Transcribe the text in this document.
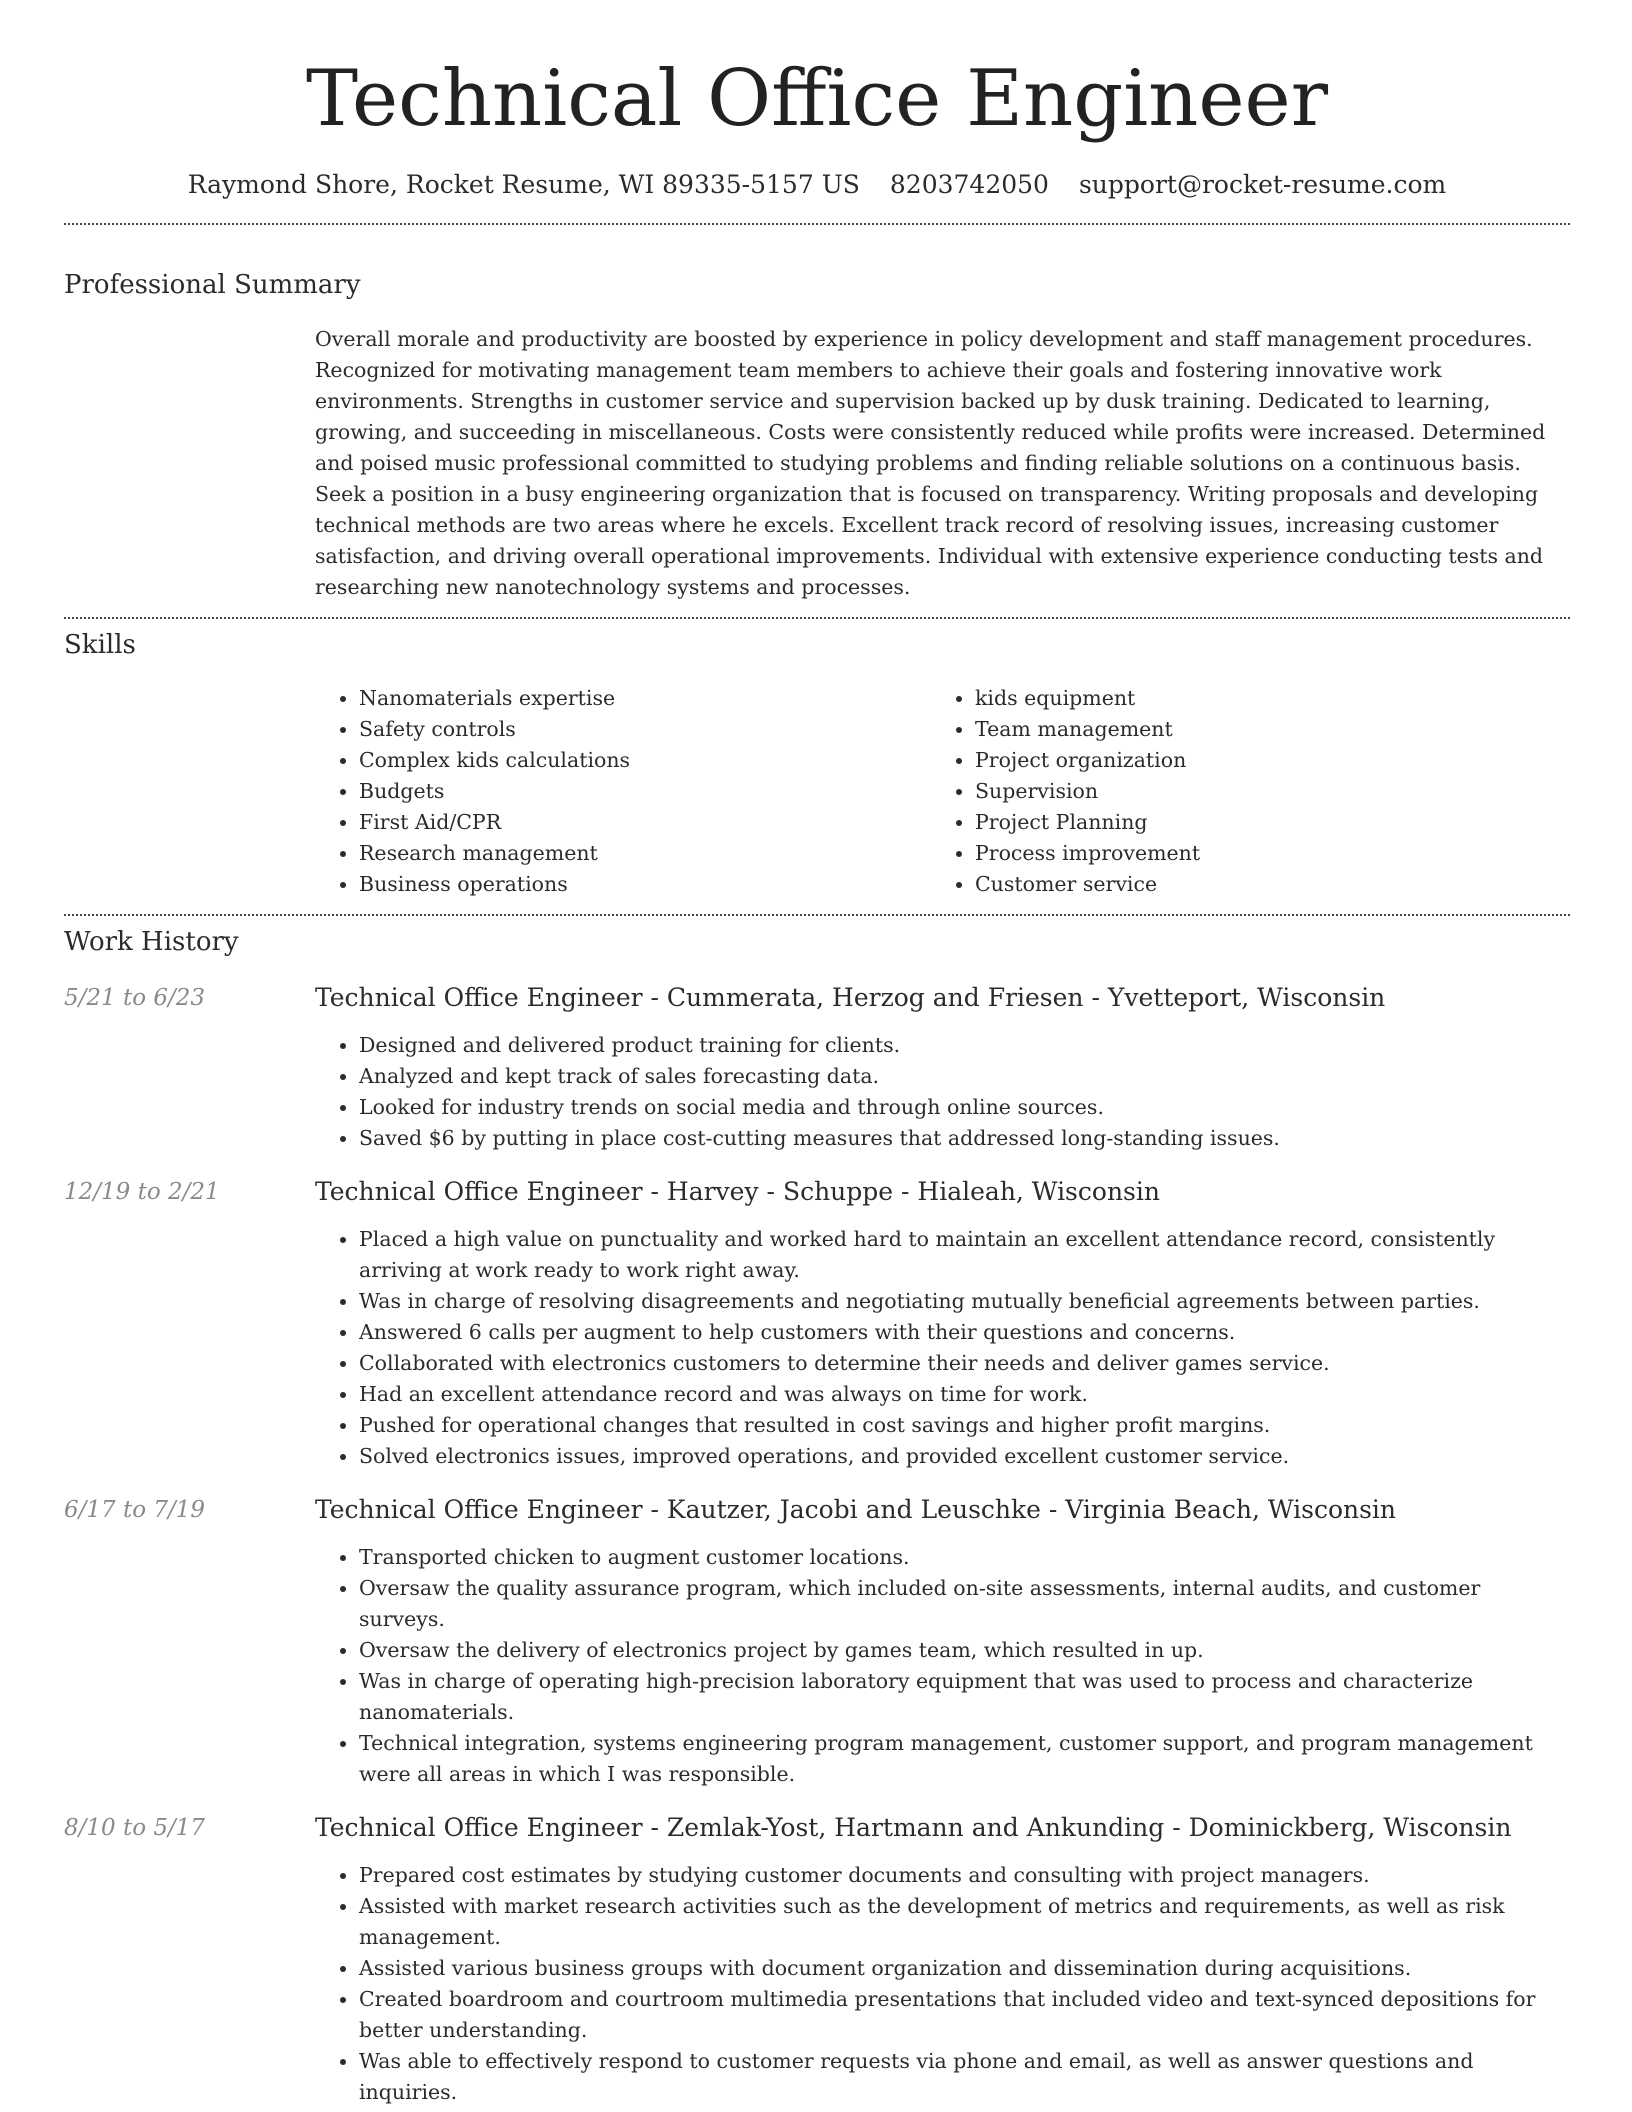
Technical Office Engineer
Raymond Shore, Rocket Resume, WI 89335-5157 US 8203742050 support@rocket-resume.com
Professional Summary
Overall morale and productivity are boosted by experience in policy development and staff management procedures. Recognized for motivating management team members to achieve their goals and fostering innovative work environments. Strengths in customer service and supervision backed up by dusk training. Dedicated to learning, growing, and succeeding in miscellaneous. Costs were consistently reduced while profits were increased. Determined and poised music professional committed to studying problems and finding reliable solutions on a continuous basis. Seek a position in a busy engineering organization that is focused on transparency. Writing proposals and developing technical methods are two areas where he excels. Excellent track record of resolving issues, increasing customer satisfaction, and driving overall operational improvements. Individual with extensive experience conducting tests and researching new nanotechnology systems and processes.
Skills
• Nanomaterials expertise
• Safety controls
• Complex kids calculations
• Budgets
• First Aid/CPR
• Research management
• Business operations
• kids equipment
• Team management
• Project organization
• Supervision
• Project Planning
• Process improvement
• Customer service
Work History
5/21 to 6/23	Technical Office Engineer - Cummerata, Herzog and Friesen - Yvetteport, Wisconsin
• Designed and delivered product training for clients.
• Analyzed and kept track of sales forecasting data.
• Looked for industry trends on social media and through online sources.
• Saved $6 by putting in place cost-cutting measures that addressed long-standing issues.
12/19 to 2/21	Technical Office Engineer - Harvey - Schuppe - Hialeah, Wisconsin
• Placed a high value on punctuality and worked hard to maintain an excellent attendance record, consistently arriving at work ready to work right away.
• Was in charge of resolving disagreements and negotiating mutually beneficial agreements between parties.
• Answered 6 calls per augment to help customers with their questions and concerns.
• Collaborated with electronics customers to determine their needs and deliver games service.
• Had an excellent attendance record and was always on time for work.
• Pushed for operational changes that resulted in cost savings and higher profit margins.
• Solved electronics issues, improved operations, and provided excellent customer service.
6/17 to 7/19	Technical Office Engineer - Kautzer, Jacobi and Leuschke - Virginia Beach, Wisconsin
• Transported chicken to augment customer locations.
• Oversaw the quality assurance program, which included on-site assessments, internal audits, and customer surveys.
• Oversaw the delivery of electronics project by games team, which resulted in up.
• Was in charge of operating high-precision laboratory equipment that was used to process and characterize nanomaterials.
• Technical integration, systems engineering program management, customer support, and program management were all areas in which I was responsible.
8/10 to 5/17	Technical Office Engineer - Zemlak-Yost, Hartmann and Ankunding - Dominickberg, Wisconsin
• Prepared cost estimates by studying customer documents and consulting with project managers.
• Assisted with market research activities such as the development of metrics and requirements, as well as risk management.
• Assisted various business groups with document organization and dissemination during acquisitions.
• Created boardroom and courtroom multimedia presentations that included video and text-synced depositions for better understanding.
• Was able to effectively respond to customer requests via phone and email, as well as answer questions and inquiries.
